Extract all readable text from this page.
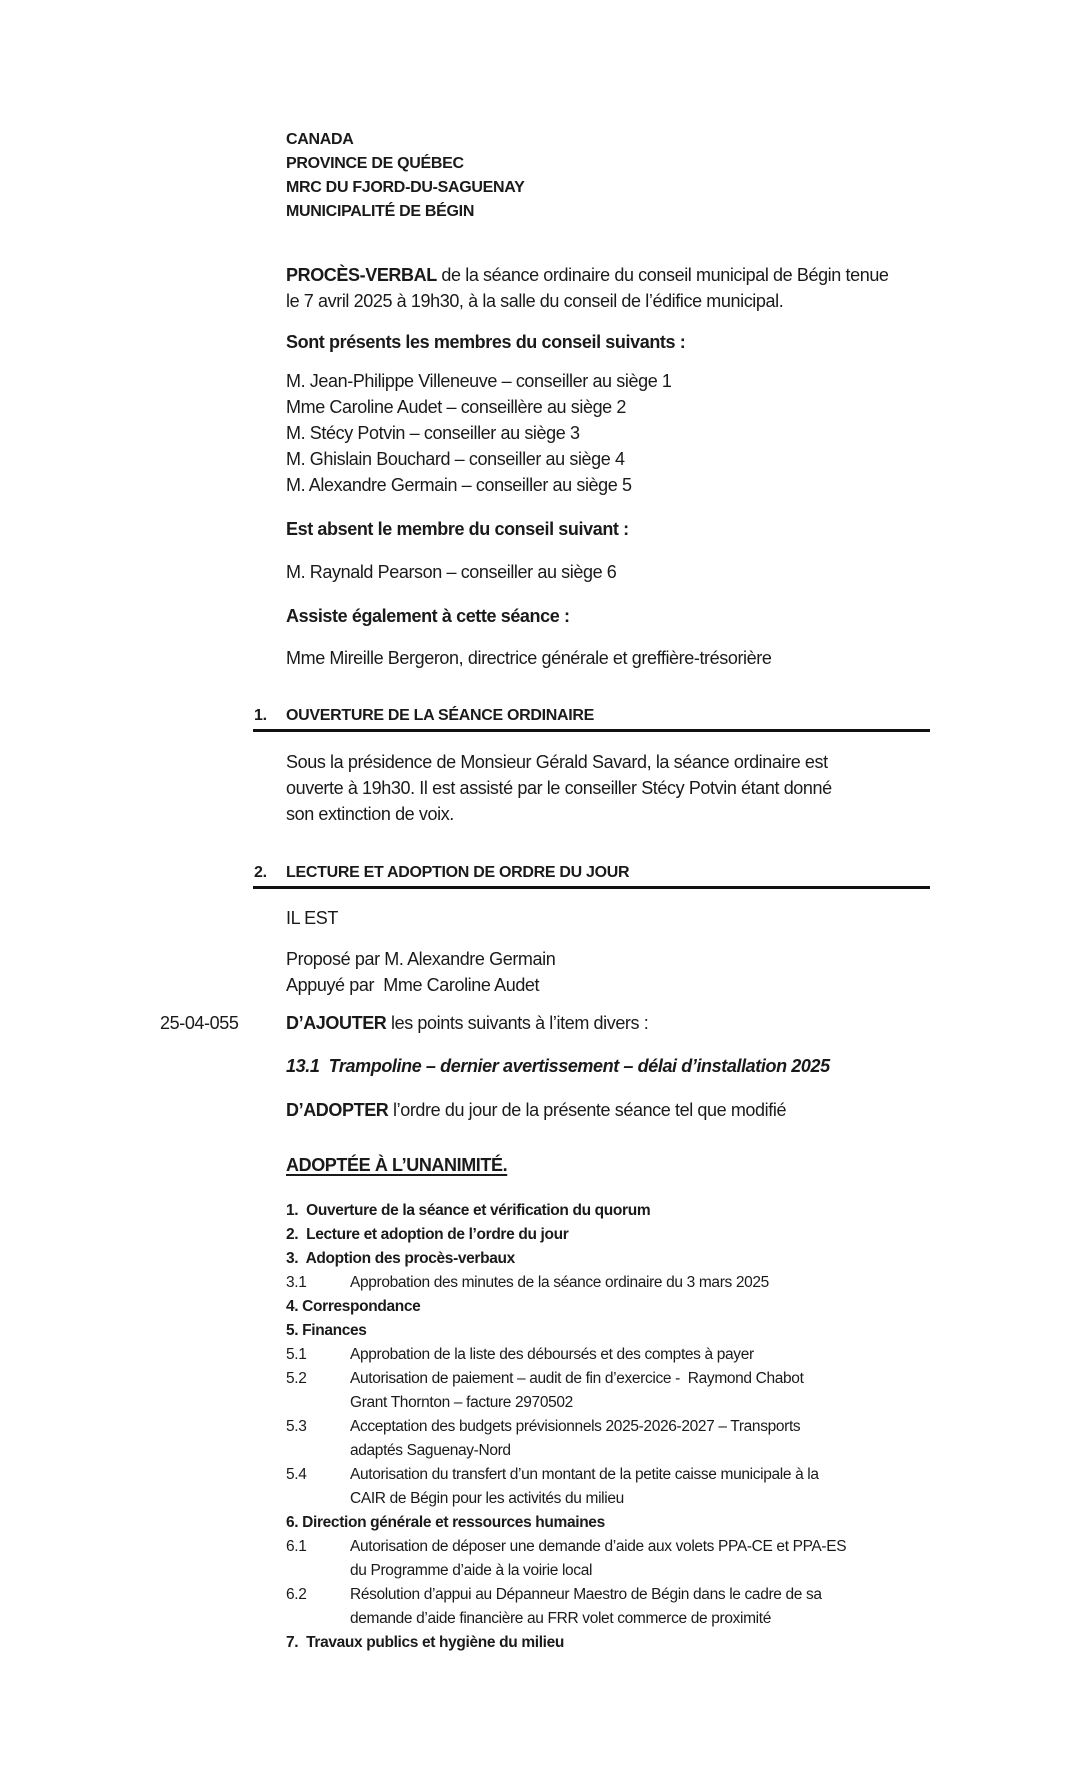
CANADA
PROVINCE DE QUÉBEC
MRC DU FJORD-DU-SAGUENAY
MUNICIPALITÉ DE BÉGIN
PROCÈS-VERBAL de la séance ordinaire du conseil municipal de Bégin tenue
le 7 avril 2025 à 19h30, à la salle du conseil de l’édifice municipal.
Sont présents les membres du conseil suivants :
M. Jean-Philippe Villeneuve – conseiller au siège 1
Mme Caroline Audet – conseillère au siège 2
M. Stécy Potvin – conseiller au siège 3
M. Ghislain Bouchard – conseiller au siège 4
M. Alexandre Germain – conseiller au siège 5
Est absent le membre du conseil suivant :
M. Raynald Pearson – conseiller au siège 6
Assiste également à cette séance :
Mme Mireille Bergeron, directrice générale et greffière-trésorière
1. OUVERTURE DE LA SÉANCE ORDINAIRE
Sous la présidence de Monsieur Gérald Savard, la séance ordinaire est
ouverte à 19h30. Il est assisté par le conseiller Stécy Potvin étant donné
son extinction de voix.
2. LECTURE ET ADOPTION DE ORDRE DU JOUR
IL EST
Proposé par M. Alexandre Germain
Appuyé par  Mme Caroline Audet
25-04-055	D’AJOUTER les points suivants à l’item divers :
13.1  Trampoline – dernier avertissement – délai d’installation 2025
D’ADOPTER l’ordre du jour de la présente séance tel que modifié
ADOPTÉE À L’UNANIMITÉ.
1.  Ouverture de la séance et vérification du quorum
2.  Lecture et adoption de l’ordre du jour
3.  Adoption des procès-verbaux
3.1	Approbation des minutes de la séance ordinaire du 3 mars 2025
4. Correspondance
5. Finances
5.1	Approbation de la liste des déboursés et des comptes à payer
5.2	Autorisation de paiement – audit de fin d’exercice -  Raymond Chabot
Grant Thornton – facture 2970502
5.3	Acceptation des budgets prévisionnels 2025-2026-2027 – Transports
adaptés Saguenay-Nord
5.4	Autorisation du transfert d’un montant de la petite caisse municipale à la
CAIR de Bégin pour les activités du milieu
6. Direction générale et ressources humaines
6.1	Autorisation de déposer une demande d’aide aux volets PPA-CE et PPA-ES
du Programme d’aide à la voirie local
6.2	Résolution d’appui au Dépanneur Maestro de Bégin dans le cadre de sa
demande d’aide financière au FRR volet commerce de proximité
7.  Travaux publics et hygiène du milieu
